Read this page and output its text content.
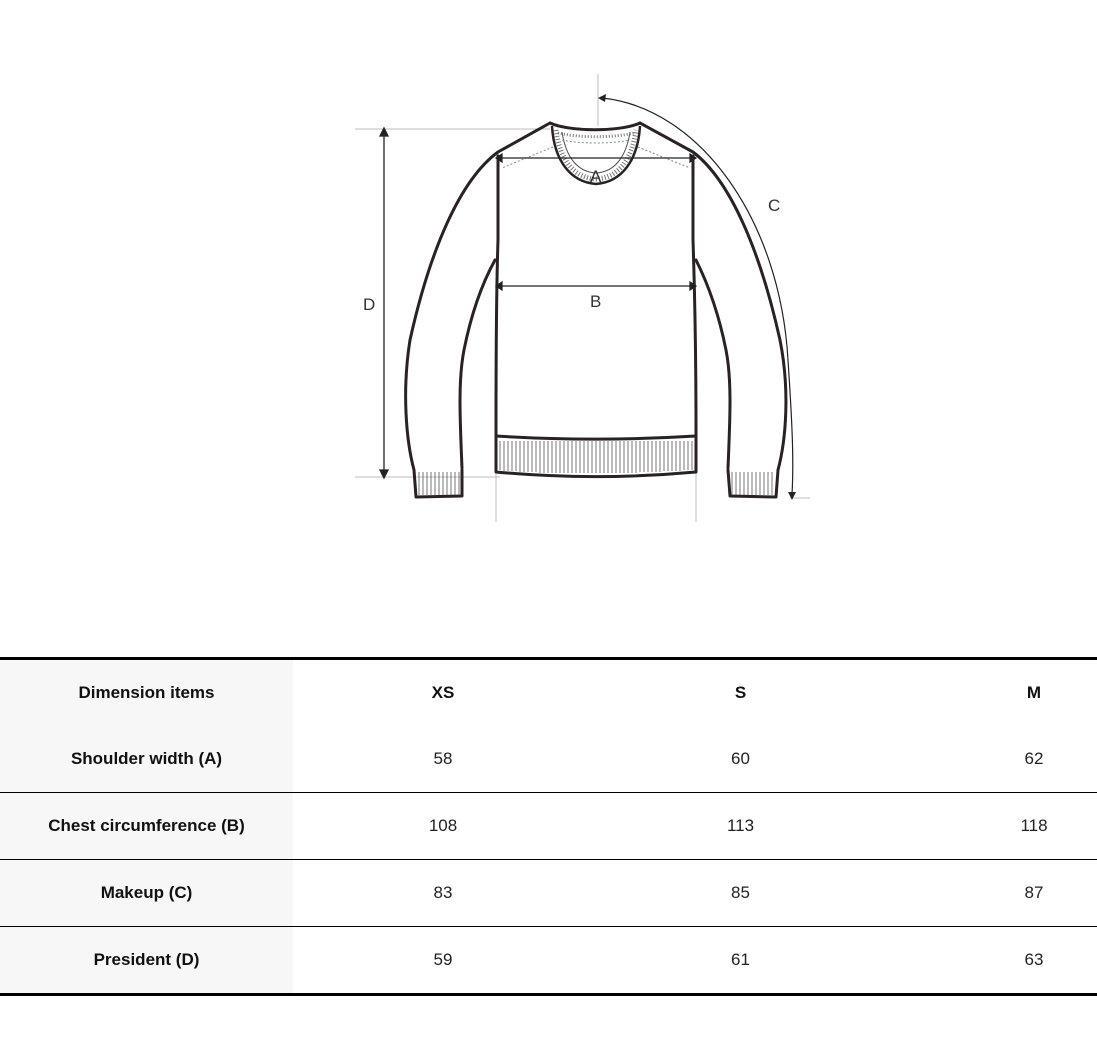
A
B
C
D
Dimension items	XS	S	M
Shoulder width (A)	58	60	62
Chest circumference (B)	108	113	118
Makeup (C)	83	85	87
President (D)	59	61	63
